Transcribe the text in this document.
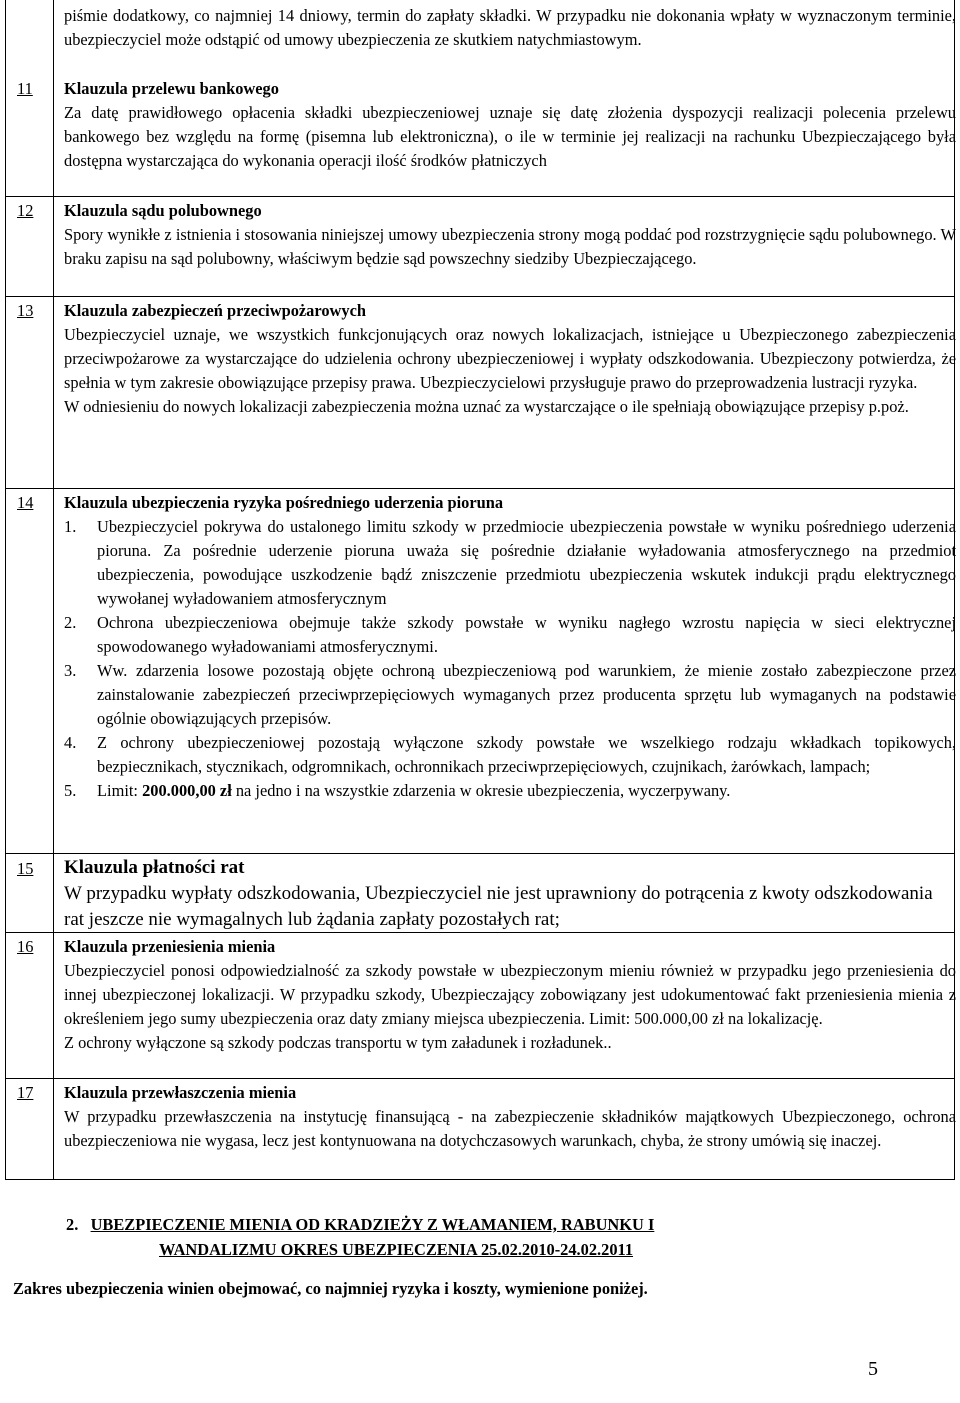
piśmie dodatkowy, co najmniej 14 dniowy, termin do zapłaty składki. W przypadku nie dokonania wpłaty w wyznaczonym terminie, ubezpieczyciel może odstąpić od umowy ubezpieczenia ze skutkiem natychmiastowym.

11 Klauzula przelewu bankowego

Za datę prawidłowego opłacenia składki ubezpieczeniowej uznaje się datę złożenia dyspozycji realizacji polecenia przelewu bankowego bez względu na formę (pisemna lub elektroniczna), o ile w terminie jej realizacji na rachunku Ubezpieczającego była dostępna wystarczająca do wykonania operacji ilość środków płatniczych

12 Klauzula sądu polubownego

Spory wynikłe z istnienia i stosowania niniejszej umowy ubezpieczenia strony mogą poddać pod rozstrzygnięcie sądu polubownego. W braku zapisu na sąd polubowny, właściwym będzie sąd powszechny siedziby Ubezpieczającego.

13 Klauzula zabezpieczeń przeciwpożarowych

Ubezpieczyciel uznaje, we wszystkich funkcjonujących oraz nowych lokalizacjach, istniejące u Ubezpieczonego zabezpieczenia przeciwpożarowe za wystarczające do udzielenia ochrony ubezpieczeniowej i wypłaty odszkodowania. Ubezpieczony potwierdza, że spełnia w tym zakresie obowiązujące przepisy prawa. Ubezpieczycielowi przysługuje prawo do przeprowadzenia lustracji ryzyka.

W odniesieniu do nowych lokalizacji zabezpieczenia można uznać za wystarczające o ile spełniają obowiązujące przepisy p.poż.

14 Klauzula ubezpieczenia ryzyka pośredniego uderzenia pioruna

1.	Ubezpieczyciel pokrywa do ustalonego limitu szkody w przedmiocie ubezpieczenia powstałe w wyniku pośredniego uderzenia pioruna. Za pośrednie uderzenie pioruna uważa się pośrednie działanie wyładowania atmosferycznego na przedmiot ubezpieczenia, powodujące uszkodzenie bądź zniszczenie przedmiotu ubezpieczenia wskutek indukcji prądu elektrycznego wywołanej wyładowaniem atmosferycznym
2.	Ochrona ubezpieczeniowa obejmuje także szkody powstałe w wyniku nagłego wzrostu napięcia w sieci elektrycznej spowodowanego wyładowaniami atmosferycznymi.
3.	Ww. zdarzenia losowe pozostają objęte ochroną ubezpieczeniową pod warunkiem, że mienie zostało zabezpieczone przez zainstalowanie zabezpieczeń przeciwprzepięciowych wymaganych przez producenta sprzętu lub wymaganych na podstawie ogólnie obowiązujących przepisów.
4.	Z ochrony ubezpieczeniowej pozostają wyłączone szkody powstałe we wszelkiego rodzaju wkładkach topikowych, bezpiecznikach, stycznikach, odgromnikach, ochronnikach przeciwprzepięciowych, czujnikach, żarówkach, lampach;
5.	Limit: 200.000,00 zł na jedno i na wszystkie zdarzenia w okresie ubezpieczenia, wyczerpywany.
15 Klauzula płatności rat

W przypadku wypłaty odszkodowania, Ubezpieczyciel nie jest uprawniony do potrącenia z kwoty odszkodowania rat jeszcze nie wymagalnych lub żądania zapłaty pozostałych rat;

16 Klauzula przeniesienia mienia

Ubezpieczyciel ponosi odpowiedzialność za szkody powstałe w ubezpieczonym mieniu również w przypadku jego przeniesienia do innej ubezpieczonej lokalizacji. W przypadku szkody, Ubezpieczający zobowiązany jest udokumentować fakt przeniesienia mienia z określeniem jego sumy ubezpieczenia oraz daty zmiany miejsca ubezpieczenia. Limit: 500.000,00 zł na lokalizację.

Z ochrony wyłączone są szkody podczas transportu w tym załadunek i rozładunek..

17 Klauzula przewłaszczenia mienia

W przypadku przewłaszczenia na instytucję finansującą - na zabezpieczenie składników majątkowych Ubezpieczonego, ochrona ubezpieczeniowa nie wygasa, lecz jest kontynuowana na dotychczasowych warunkach, chyba, że strony umówią się inaczej.

2. UBEZPIECZENIE MIENIA OD KRADZIEŻY Z WŁAMANIEM, RABUNKU I
WANDALIZMU OKRES UBEZPIECZENIA 25.02.2010-24.02.2011
Zakres ubezpieczenia winien obejmować, co najmniej ryzyka i koszty, wymienione poniżej.
5
